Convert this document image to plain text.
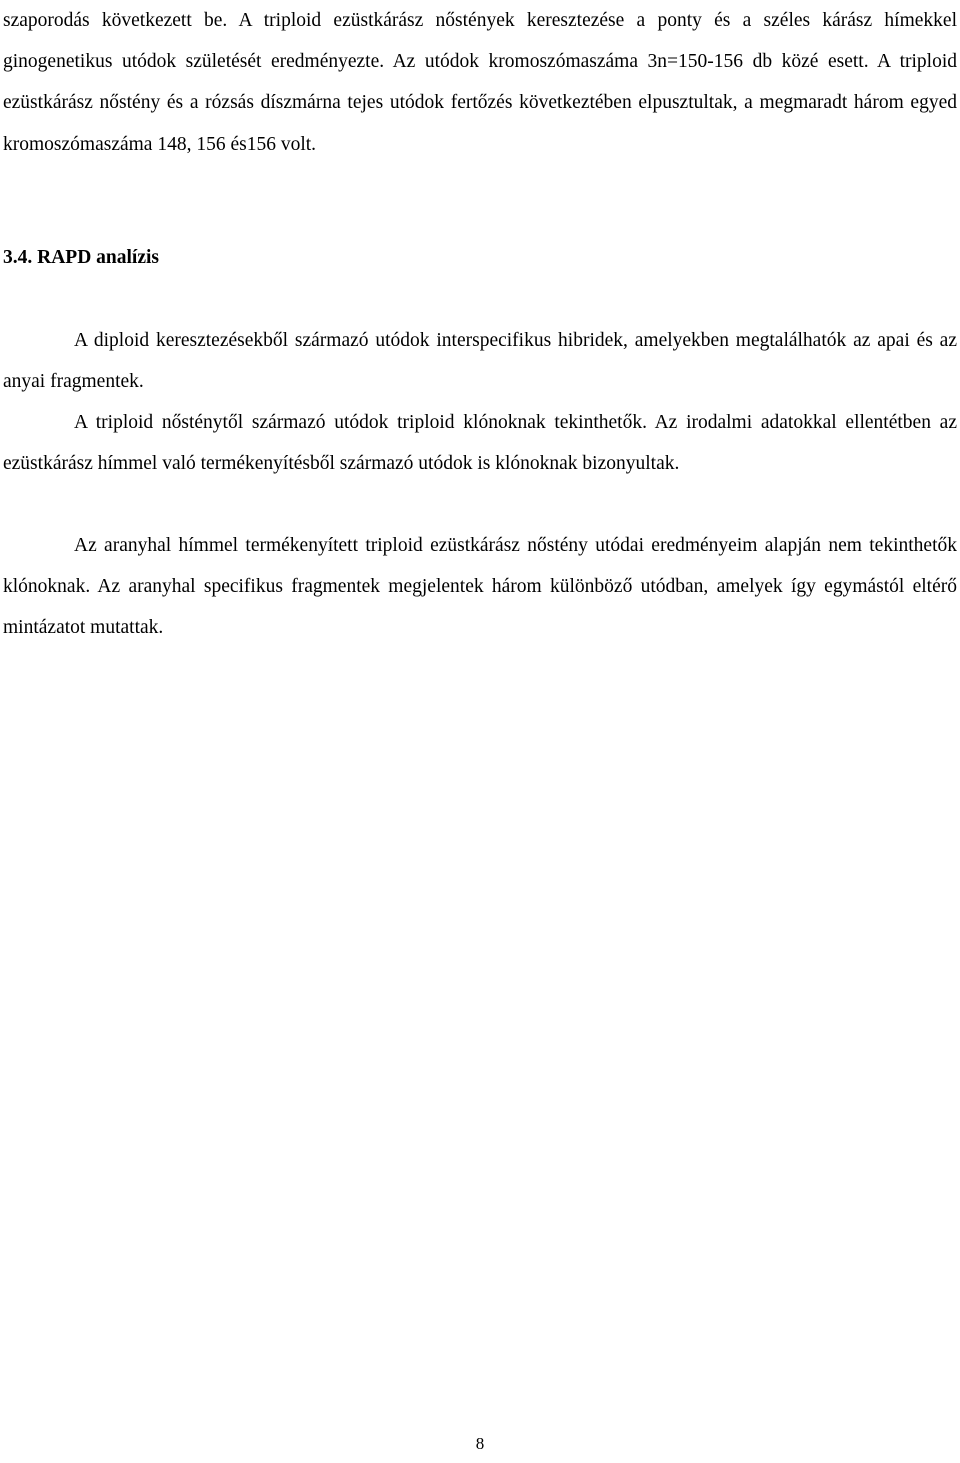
szaporodás következett be. A triploid ezüstkárász nőstények keresztezése a ponty és a széles kárász hímekkel ginogenetikus utódok születését eredményezte. Az utódok kromoszómaszáma 3n=150-156 db közé esett. A triploid ezüstkárász nőstény és a rózsás díszmárna tejes utódok fertőzés következtében elpusztultak, a megmaradt három egyed kromoszómaszáma 148, 156 és156 volt.

3.4. RAPD analízis

A diploid keresztezésekből származó utódok interspecifikus hibridek, amelyekben megtalálhatók az apai és az anyai fragmentek.

A triploid nősténytől származó utódok triploid klónoknak tekinthetők. Az irodalmi adatokkal ellentétben az ezüstkárász hímmel való termékenyítésből származó utódok is klónoknak bizonyultak.

Az aranyhal hímmel termékenyített triploid ezüstkárász nőstény utódai eredményeim alapján nem tekinthetők klónoknak. Az aranyhal specifikus fragmentek megjelentek három különböző utódban, amelyek így egymástól eltérő mintázatot mutattak.

8
